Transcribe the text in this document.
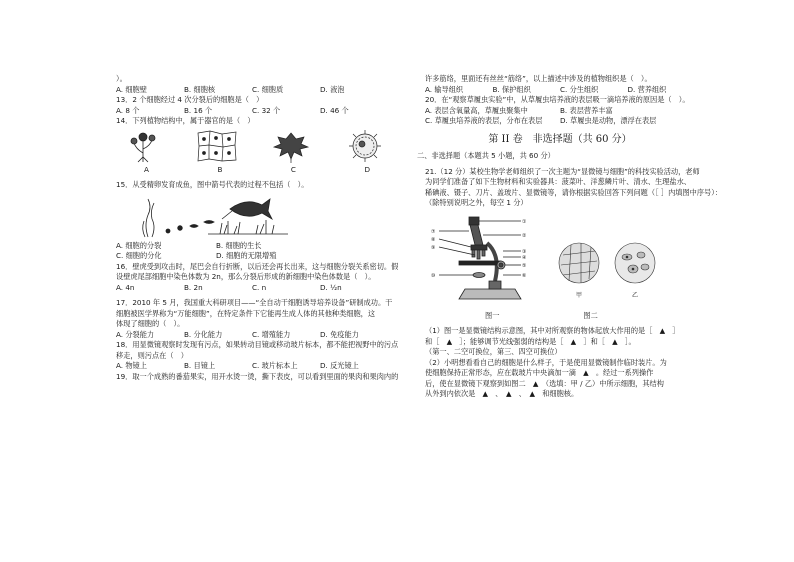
）。
A. 细胞壁	B. 细胞核	C. 细胞质	D. 液泡
13．2 个细胞经过 4 次分裂后的细胞是（　）
A. 8 个	B. 16 个	C. 32 个	D. 46 个
14．下列植物结构中，属于器官的是（　）
A	B	C	D
15．从受精卵发育成鱼，图中箭号代表的过程不包括（　）。
A. 细胞的分裂	B. 细胞的生长
C. 细胞的分化	D. 细胞的无限增殖
16．壁虎受到攻击时，尾巴会自行折断，以后还会再长出来，这与细胞分裂关系密切。假
设壁虎尾部细胞中染色体数为 2n，那么分裂后形成的新细胞中染色体数是（　）。
A. 4n	B. 2n	C. n	D. ½n
17．2010 年 5 月，我国重大科研项目——“全自动干细胞诱导培养设备”研制成功。干
细胞被医学界称为“万能细胞”，在特定条件下它能再生成人体的其他种类细胞，这
体现了细胞的（　）。
A. 分裂能力	B. 分化能力	C. 增殖能力	D. 免疫能力
18．用显微镜观察时发现有污点，如果转动目镜或移动玻片标本，都不能把视野中的污点
移走，则污点在（　）
A. 物镜上	B. 目镜上	C. 玻片标本上	D. 反光镜上
19．取一个成熟的番茄果实，用开水烫一烫，撕下表皮，可以看到里面的果肉和果肉内的
许多筋络，里面还有丝丝“筋络”，以上描述中涉及的植物组织是（　）。
A. 输导组织	B. 保护组织	C. 分生组织	D. 营养组织
20．在“观察草履虫实验”中，从草履虫培养液的表层吸一滴培养液的原因是（　）。
A. 表层含氧量高，草履虫聚集中	B. 表层营养丰富
C. 草履虫培养液的表层，分布在表层	D. 草履虫是动物，漂浮在表层
第 II 卷　非选择题（共 60 分）
二、非选择题（本题共 5 小题，共 60 分）
21.（12 分）某校生物学老师组织了一次主题为“显微镜与细胞”的科技实验活动，老师
为同学们准备了如下生物材料和实验器具：菠菜叶、洋葱鳞片叶、清水、生理盐水、
稀碘液、镊子、刀片、盖玻片、显微镜等，请你根据实验回答下列问题（［ ］内填图中序号）：
（除特别说明之外，每空 1 分）
①
②
③
④
⑤
⑥
⑦
⑧
⑨
⑩
甲	乙
图一	图二
（1）图一是显微镜结构示意图，其中对所观察的物体起放大作用的是［　▲　］
和［　▲　］；能够调节光线强弱的结构是［　▲　］和［　▲　］。
（第一、二空可换位，第三、四空可换位）
（2）小明想看看自己的细胞是什么样子，于是使用显微镜制作临时装片。为
使细胞保持正常形态，应在载玻片中央滴加一滴　▲　。经过一系列操作
后，使在显微镜下观察到如图二　▲　（选填：甲 / 乙）中所示细胞，其结构
从外到内依次是　▲　、　▲　、　▲　和细胞核。
